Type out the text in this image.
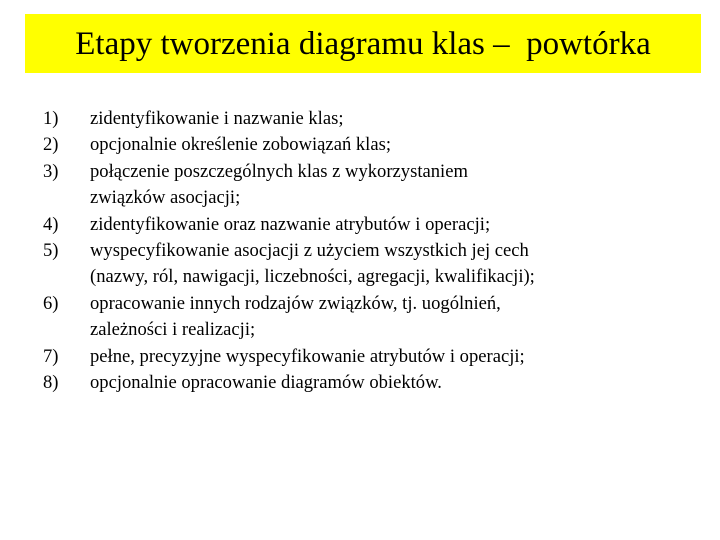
Etapy tworzenia diagramu klas –  powtórka
1) zidentyfikowanie i nazwanie klas;
2) opcjonalnie określenie zobowiązań klas;
3) połączenie poszczególnych klas z wykorzystaniem
związków asocjacji;
4) zidentyfikowanie oraz nazwanie atrybutów i operacji;
5) wyspecyfikowanie asocjacji z użyciem wszystkich jej cech
(nazwy, ról, nawigacji, liczebności, agregacji, kwalifikacji);
6) opracowanie innych rodzajów związków, tj. uogólnień,
zależności i realizacji;
7) pełne, precyzyjne wyspecyfikowanie atrybutów i operacji;
8) opcjonalnie opracowanie diagramów obiektów.
